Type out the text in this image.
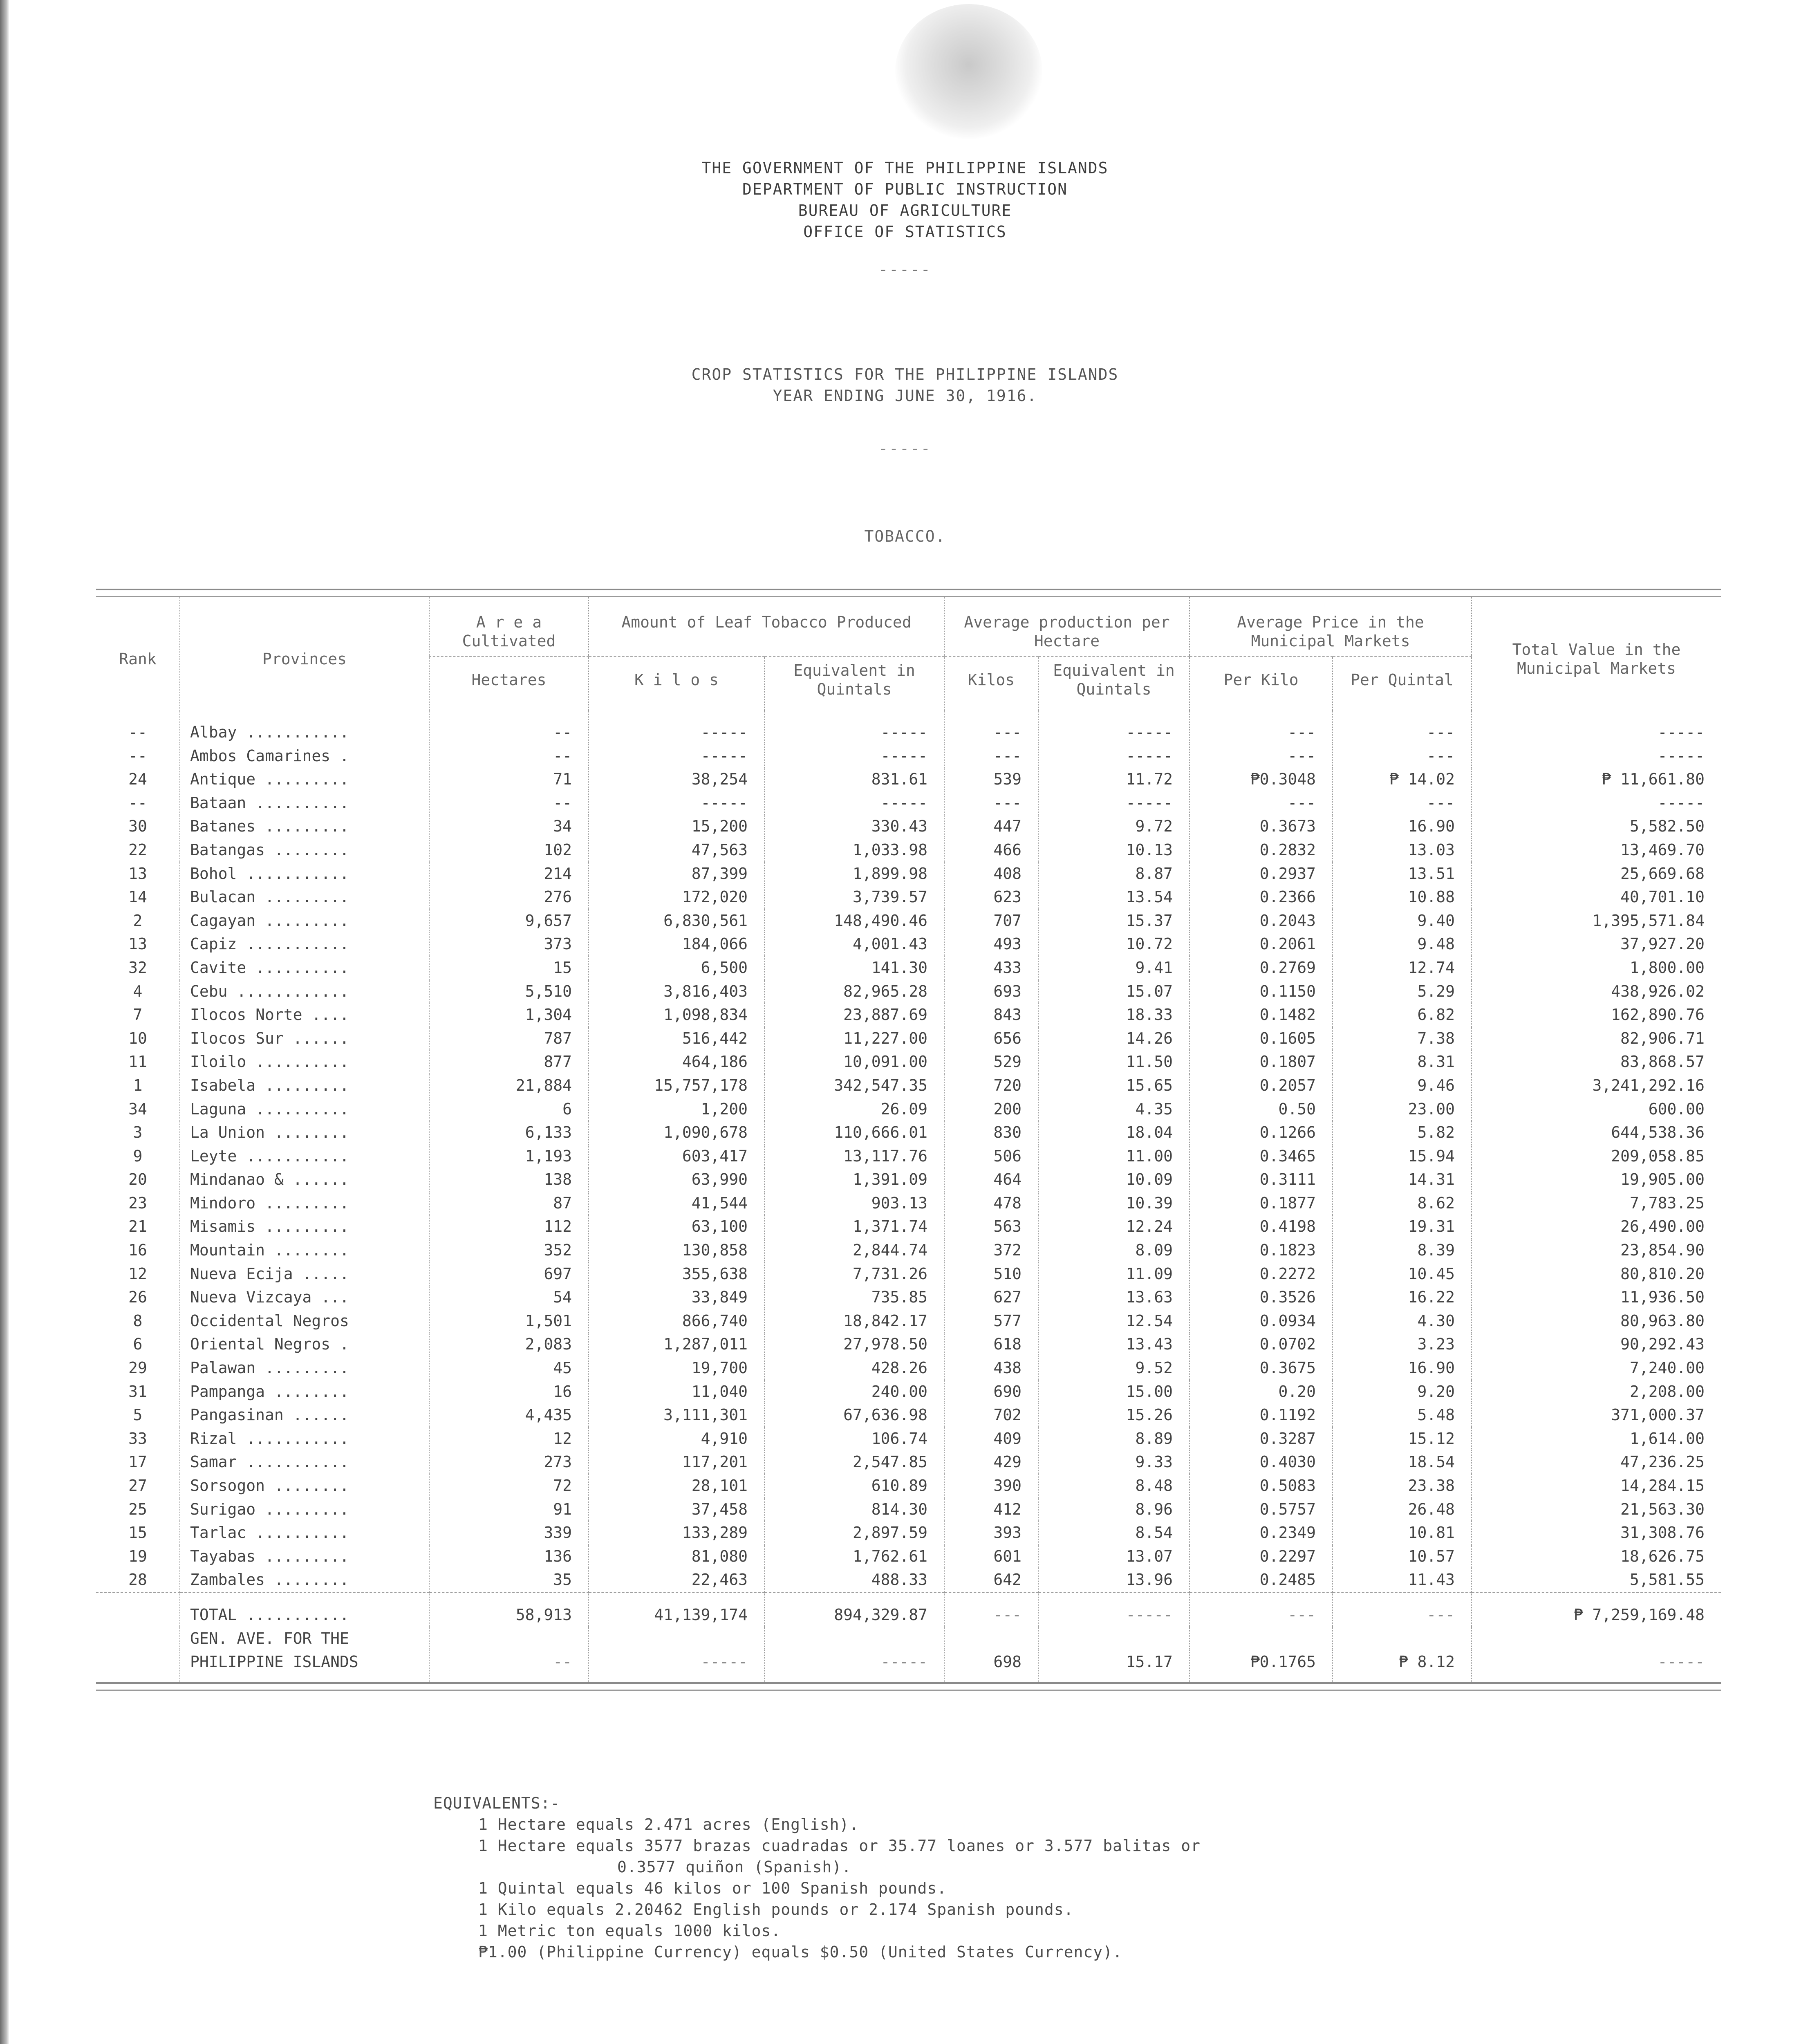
THE GOVERNMENT OF THE PHILIPPINE ISLANDS
DEPARTMENT OF PUBLIC INSTRUCTION
BUREAU OF AGRICULTURE
OFFICE OF STATISTICS
-----
CROP STATISTICS FOR THE PHILIPPINE ISLANDS
YEAR ENDING JUNE 30, 1916.
-----
TOBACCO.
Rank	Provinces	A r e a Cultivated	Amount of Leaf Tobacco Produced		Average production per Hectare		Average Price in the Municipal Markets		Total Value in the Municipal Markets
		Hectares	K i l o s	Equivalent in Quintals	Kilos	Equivalent in Quintals	Per Kilo	Per Quintal	
--	Albay ...........	--	-----	-----	---	-----	---	---	-----
--	Ambos Camarines .	--	-----	-----	---	-----	---	---	-----
24	Antique .........	71	38,254	831.61	539	11.72	₱0.3048	₱ 14.02	₱ 11,661.80
--	Bataan ..........	--	-----	-----	---	-----	---	---	-----
30	Batanes .........	34	15,200	330.43	447	9.72	0.3673	16.90	5,582.50
22	Batangas ........	102	47,563	1,033.98	466	10.13	0.2832	13.03	13,469.70
13	Bohol ...........	214	87,399	1,899.98	408	8.87	0.2937	13.51	25,669.68
14	Bulacan .........	276	172,020	3,739.57	623	13.54	0.2366	10.88	40,701.10
2	Cagayan .........	9,657	6,830,561	148,490.46	707	15.37	0.2043	9.40	1,395,571.84
13	Capiz ...........	373	184,066	4,001.43	493	10.72	0.2061	9.48	37,927.20
32	Cavite ..........	15	6,500	141.30	433	9.41	0.2769	12.74	1,800.00
4	Cebu ............	5,510	3,816,403	82,965.28	693	15.07	0.1150	5.29	438,926.02
7	Ilocos Norte ....	1,304	1,098,834	23,887.69	843	18.33	0.1482	6.82	162,890.76
10	Ilocos Sur ......	787	516,442	11,227.00	656	14.26	0.1605	7.38	82,906.71
11	Iloilo ..........	877	464,186	10,091.00	529	11.50	0.1807	8.31	83,868.57
1	Isabela .........	21,884	15,757,178	342,547.35	720	15.65	0.2057	9.46	3,241,292.16
34	Laguna ..........	6	1,200	26.09	200	4.35	0.50	23.00	600.00
3	La Union ........	6,133	1,090,678	110,666.01	830	18.04	0.1266	5.82	644,538.36
9	Leyte ...........	1,193	603,417	13,117.76	506	11.00	0.3465	15.94	209,058.85
20	Mindanao & ......	138	63,990	1,391.09	464	10.09	0.3111	14.31	19,905.00
23	Mindoro .........	87	41,544	903.13	478	10.39	0.1877	8.62	7,783.25
21	Misamis .........	112	63,100	1,371.74	563	12.24	0.4198	19.31	26,490.00
16	Mountain ........	352	130,858	2,844.74	372	8.09	0.1823	8.39	23,854.90
12	Nueva Ecija .....	697	355,638	7,731.26	510	11.09	0.2272	10.45	80,810.20
26	Nueva Vizcaya ...	54	33,849	735.85	627	13.63	0.3526	16.22	11,936.50
8	Occidental Negros	1,501	866,740	18,842.17	577	12.54	0.0934	4.30	80,963.80
6	Oriental Negros .	2,083	1,287,011	27,978.50	618	13.43	0.0702	3.23	90,292.43
29	Palawan .........	45	19,700	428.26	438	9.52	0.3675	16.90	7,240.00
31	Pampanga ........	16	11,040	240.00	690	15.00	0.20	9.20	2,208.00
5	Pangasinan ......	4,435	3,111,301	67,636.98	702	15.26	0.1192	5.48	371,000.37
33	Rizal ...........	12	4,910	106.74	409	8.89	0.3287	15.12	1,614.00
17	Samar ...........	273	117,201	2,547.85	429	9.33	0.4030	18.54	47,236.25
27	Sorsogon ........	72	28,101	610.89	390	8.48	0.5083	23.38	14,284.15
25	Surigao .........	91	37,458	814.30	412	8.96	0.5757	26.48	21,563.30
15	Tarlac ..........	339	133,289	2,897.59	393	8.54	0.2349	10.81	31,308.76
19	Tayabas .........	136	81,080	1,762.61	601	13.07	0.2297	10.57	18,626.75
28	Zambales ........	35	22,463	488.33	642	13.96	0.2485	11.43	5,581.55
	TOTAL ...........	58,913	41,139,174	894,329.87	---	-----	---	---	₱ 7,259,169.48
	GEN. AVE. FOR THE								
	PHILIPPINE ISLANDS	--	-----	-----	698	15.17	₱0.1765	₱ 8.12	-----
EQUIVALENTS:-
1 Hectare equals 2.471 acres (English).
1 Hectare equals 3577 brazas cuadradas or 35.77 loanes or 3.577 balitas or
0.3577 quiñon (Spanish).
1 Quintal equals 46 kilos or 100 Spanish pounds.
1 Kilo equals 2.20462 English pounds or 2.174 Spanish pounds.
1 Metric ton equals 1000 kilos.
₱1.00 (Philippine Currency) equals $0.50 (United States Currency).
